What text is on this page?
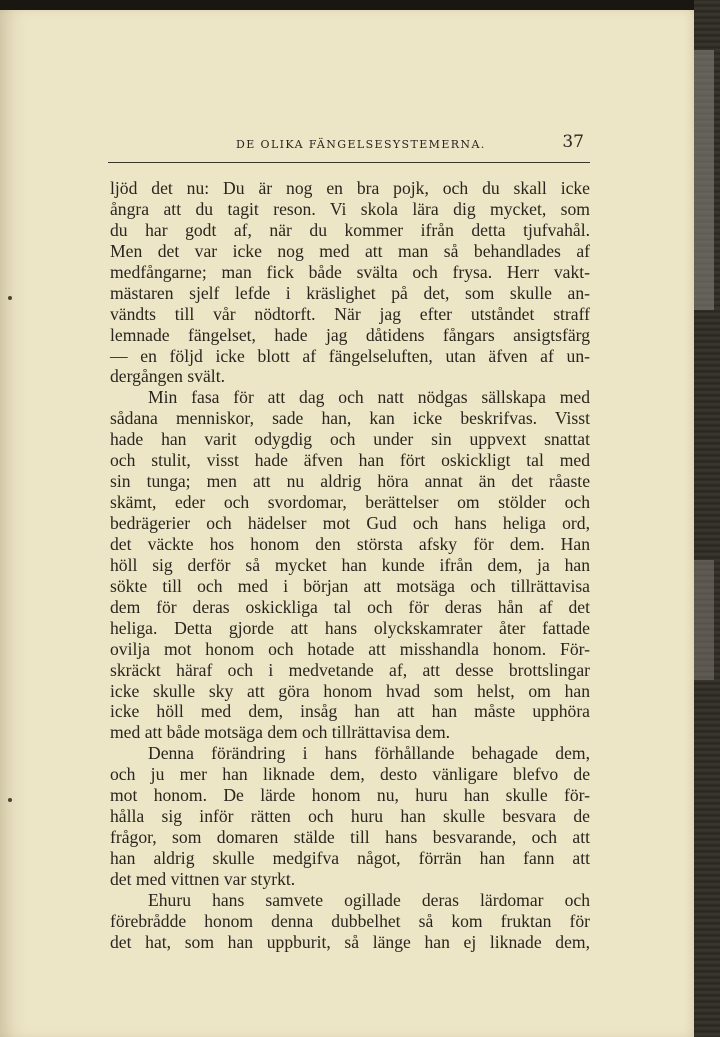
DE OLIKA FÄNGELSESYSTEMERNA.	37
ljöd det nu: Du är nog en bra pojk, och du skall icke
ångra att du tagit reson. Vi skola lära dig mycket, som
du har godt af, när du kommer ifrån detta tjufvahål.
Men det var icke nog med att man så behandlades af
medfångarne; man fick både svälta och frysa. Herr vakt-
mästaren sjelf lefde i kräslighet på det, som skulle an-
vändts till vår nödtorft. När jag efter utståndet straff
lemnade fängelset, hade jag dåtidens fångars ansigtsfärg
— en följd icke blott af fängelseluften, utan äfven af un-
dergången svält.
Min fasa för att dag och natt nödgas sällskapa med
sådana menniskor, sade han, kan icke beskrifvas. Visst
hade han varit odygdig och under sin uppvext snattat
och stulit, visst hade äfven han fört oskickligt tal med
sin tunga; men att nu aldrig höra annat än det råaste
skämt, eder och svordomar, berättelser om stölder och
bedrägerier och hädelser mot Gud och hans heliga ord,
det väckte hos honom den största afsky för dem. Han
höll sig derför så mycket han kunde ifrån dem, ja han
sökte till och med i början att motsäga och tillrättavisa
dem för deras oskickliga tal och för deras hån af det
heliga. Detta gjorde att hans olyckskamrater åter fattade
ovilja mot honom och hotade att misshandla honom. För-
skräckt häraf och i medvetande af, att desse brottslingar
icke skulle sky att göra honom hvad som helst, om han
icke höll med dem, insåg han att han måste upphöra
med att både motsäga dem och tillrättavisa dem.
Denna förändring i hans förhållande behagade dem,
och ju mer han liknade dem, desto vänligare blefvo de
mot honom. De lärde honom nu, huru han skulle för-
hålla sig inför rätten och huru han skulle besvara de
frågor, som domaren stälde till hans besvarande, och att
han aldrig skulle medgifva något, förrän han fann att
det med vittnen var styrkt.
Ehuru hans samvete ogillade deras lärdomar och
förebrådde honom denna dubbelhet så kom fruktan för
det hat, som han uppburit, så länge han ej liknade dem,
